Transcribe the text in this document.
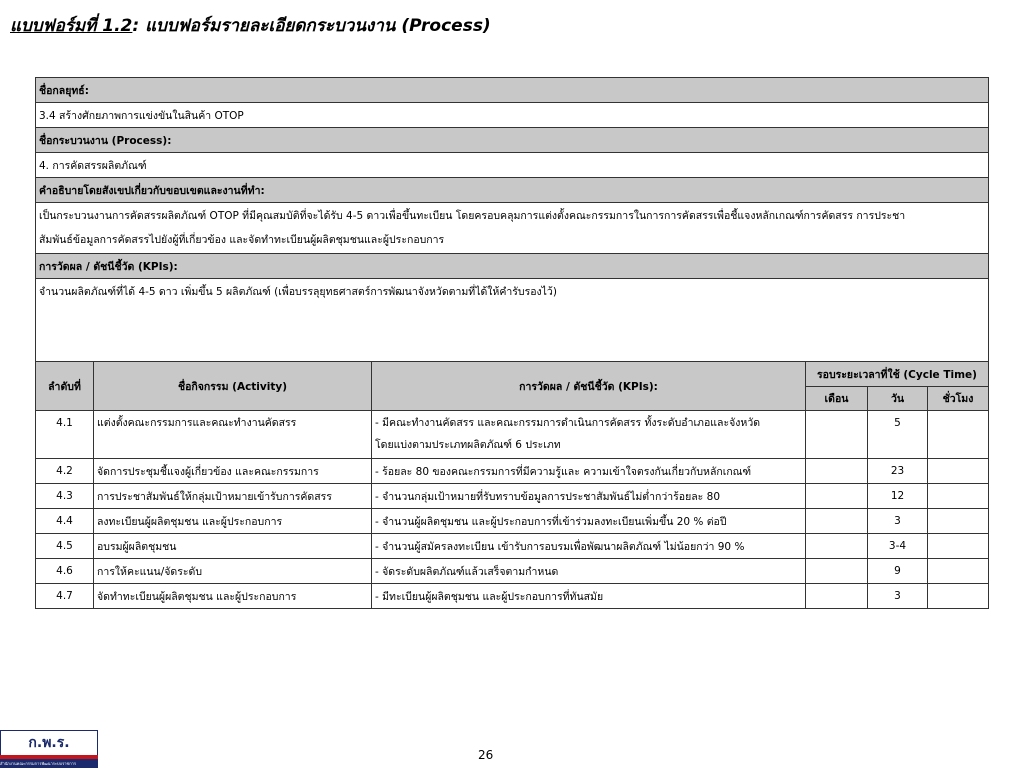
แบบฟอร์มที่ 1.2: แบบฟอร์มรายละเอียดกระบวนงาน (Process)
ชื่อกลยุทธ์:					
3.4 สร้างศักยภาพการแข่งขันในสินค้า OTOP					
ชื่อกระบวนงาน (Process):					
4. การคัดสรรผลิตภัณฑ์					
คำอธิบายโดยสังเขปเกี่ยวกับขอบเขตและงานที่ทำ:					

เป็นกระบวนงานการคัดสรรผลิตภัณฑ์ OTOP ที่มีคุณสมบัติที่จะได้รับ 4-5 ดาวเพื่อขึ้นทะเบียน โดยครอบคลุมการแต่งตั้งคณะกรรมการในการการคัดสรรเพื่อชี้แจงหลักเกณฑ์การคัดสรร การประชา
สัมพันธ์ข้อมูลการคัดสรรไปยังผู้ที่เกี่ยวข้อง และจัดทำทะเบียนผู้ผลิตชุมชนและผู้ประกอบการ					

การวัดผล / ดัชนีชี้วัด (KPIs):					
จำนวนผลิตภัณฑ์ที่ได้ 4-5 ดาว เพิ่มขึ้น 5 ผลิตภัณฑ์ (เพื่อบรรลุยุทธศาสตร์การพัฒนาจังหวัดตามที่ได้ให้คำรับรองไว้)					
ลำดับที่	ชื่อกิจกรรม (Activity)	การวัดผล / ดัชนีชี้วัด (KPIs):	รอบระยะเวลาที่ใช้ (Cycle Time)		
			เดือน	วัน	ชั่วโมง
4.1	แต่งตั้งคณะกรรมการและคณะทำงานคัดสรร	- มีคณะทำงานคัดสรร และคณะกรรมการดำเนินการคัดสรร ทั้งระดับอำเภอและจังหวัด
โดยแบ่งตามประเภทผลิตภัณฑ์ 6 ประเภท		5	
4.2	จัดการประชุมชี้แจงผู้เกี่ยวข้อง และคณะกรรมการ	- ร้อยละ 80 ของคณะกรรมการที่มีความรู้และ ความเข้าใจตรงกันเกี่ยวกับหลักเกณฑ์		23	
4.3	การประชาสัมพันธ์ให้กลุ่มเป้าหมายเข้ารับการคัดสรร	- จำนวนกลุ่มเป้าหมายที่รับทราบข้อมูลการประชาสัมพันธ์ไม่ต่ำกว่าร้อยละ 80		12	
4.4	ลงทะเบียนผู้ผลิตชุมชน และผู้ประกอบการ	- จำนวนผู้ผลิตชุมชน และผู้ประกอบการที่เข้าร่วมลงทะเบียนเพิ่มขึ้น 20 % ต่อปี		3	
4.5	อบรมผู้ผลิตชุมชน	- จำนวนผู้สมัครลงทะเบียน เข้ารับการอบรมเพื่อพัฒนาผลิตภัณฑ์ ไม่น้อยกว่า 90 %		3-4	
4.6	การให้คะแนน/จัดระดับ	- จัดระดับผลิตภัณฑ์แล้วเสร็จตามกำหนด		9	
4.7	จัดทำทะเบียนผู้ผลิตชุมชน และผู้ประกอบการ	- มีทะเบียนผู้ผลิตชุมชน และผู้ประกอบการที่ทันสมัย		3	
ก.พ.ร.
สำนักงานคณะกรรมการพัฒนาระบบราชการ
26
